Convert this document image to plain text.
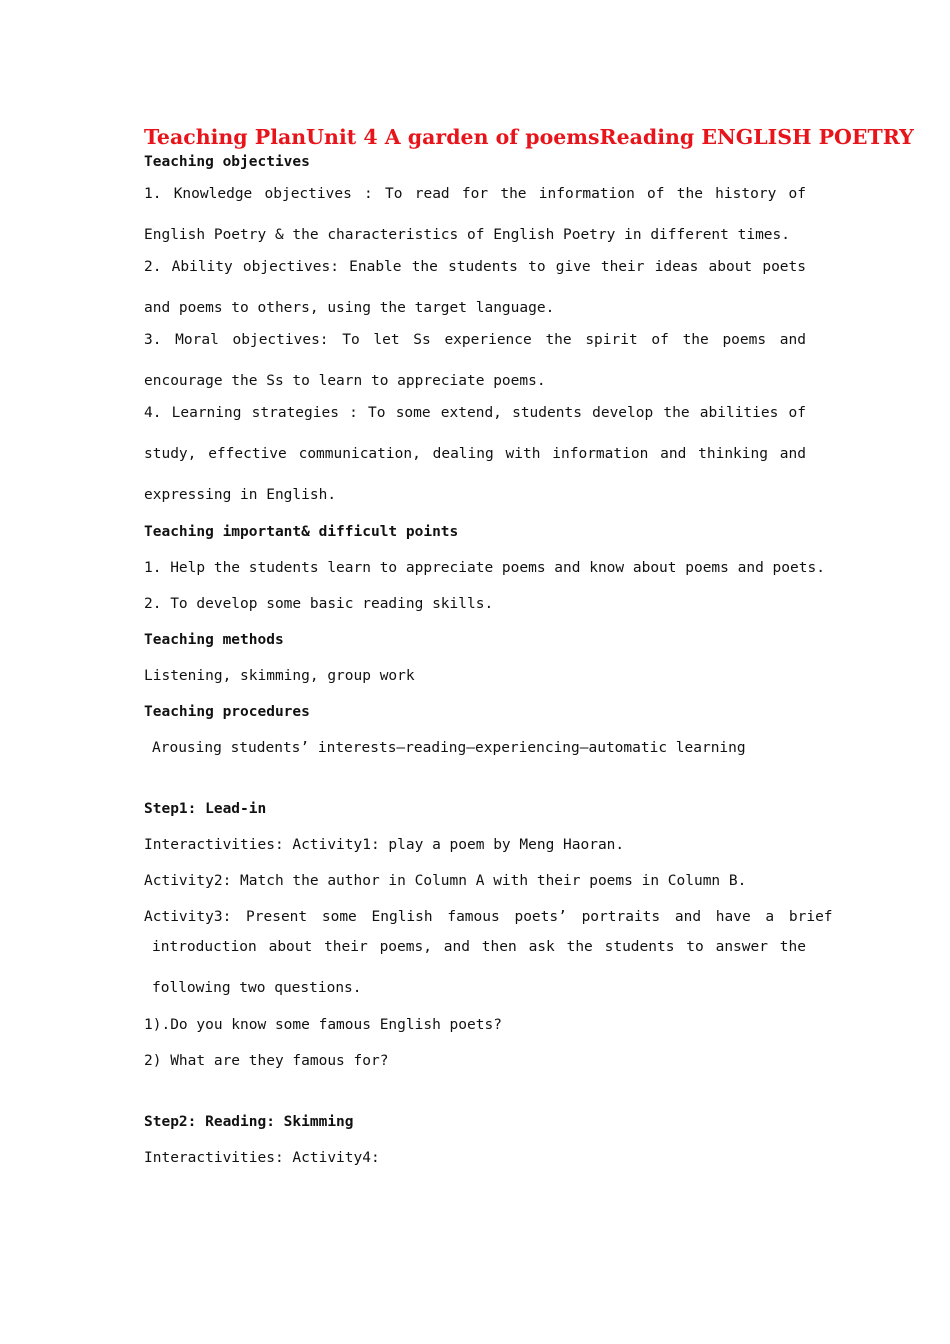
Teaching PlanUnit 4 A garden of poemsReading ENGLISH POETRY
Teaching objectives
1. Knowledge objectives : To read for the information of the history of English Poetry & the characteristics of English Poetry in different times.
2. Ability objectives: Enable the students to give their ideas about poets and poems to others, using the target language.
3. Moral objectives: To let Ss experience the spirit of the poems and encourage the Ss to learn to appreciate poems.
4. Learning strategies : To some extend, students develop the abilities of study, effective communication, dealing with information and thinking and expressing in English.
Teaching important& difficult points
1. Help the students learn to appreciate poems and know about poems and poets.
2. To develop some basic reading skills.
Teaching methods
Listening, skimming, group work
Teaching procedures
Arousing students’ interests—reading—experiencing—automatic learning
Step1: Lead-in
Interactivities: Activity1: play a poem by Meng Haoran.
Activity2: Match the author in Column A with their poems in Column B.
Activity3: Present some English famous poets’ portraits and have a brief
introduction about their poems, and then ask the students to answer the following two questions.
1).Do you know some famous English poets?
2) What are they famous for?
Step2: Reading: Skimming
Interactivities: Activity4:
